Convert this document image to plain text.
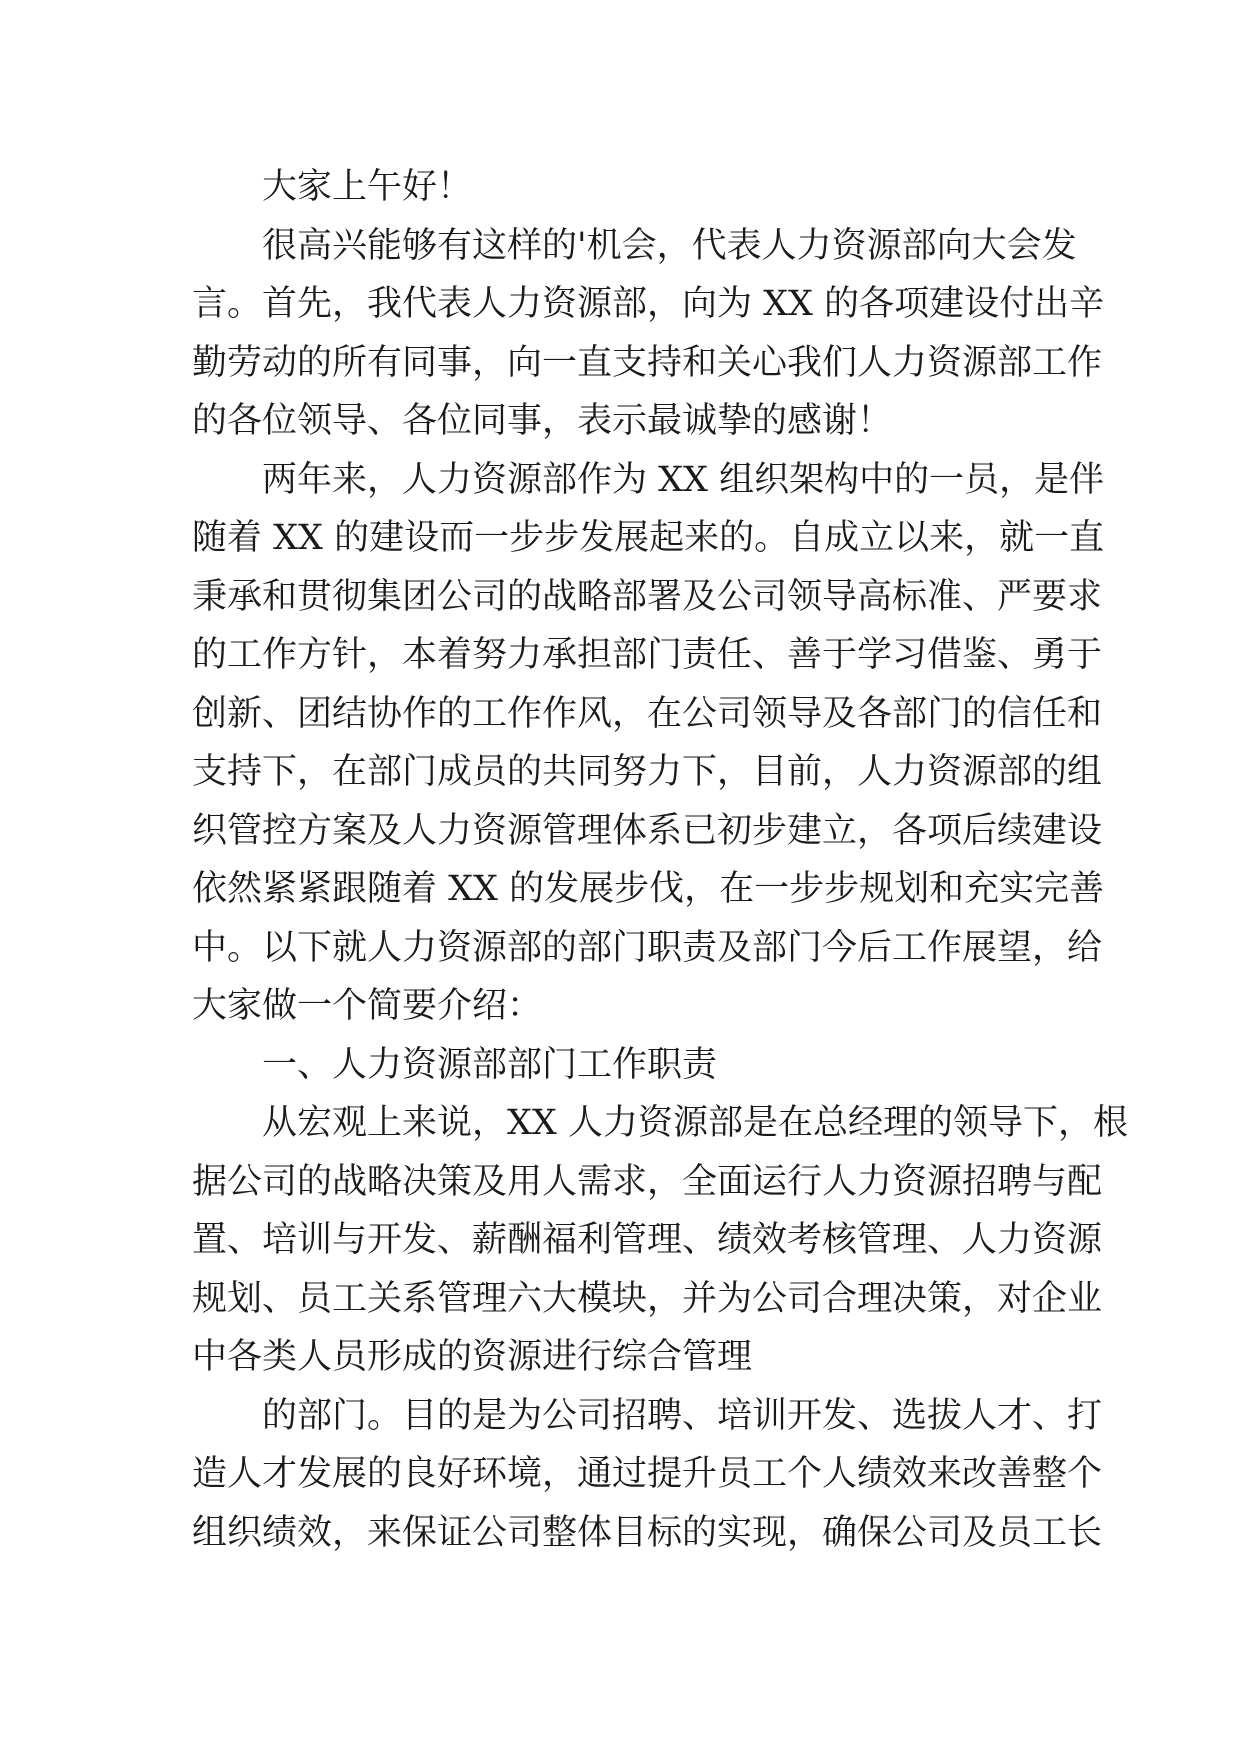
大家上午好！
很高兴能够有这样的'机会，代表人力资源部向大会发
言。首先，我代表人力资源部，向为 XX 的各项建设付出辛
勤劳动的所有同事，向一直支持和关心我们人力资源部工作
的各位领导、各位同事，表示最诚挚的感谢！
两年来，人力资源部作为 XX 组织架构中的一员，是伴
随着 XX 的建设而一步步发展起来的。自成立以来，就一直
秉承和贯彻集团公司的战略部署及公司领导高标准、严要求
的工作方针，本着努力承担部门责任、善于学习借鉴、勇于
创新、团结协作的工作作风，在公司领导及各部门的信任和
支持下，在部门成员的共同努力下，目前，人力资源部的组
织管控方案及人力资源管理体系已初步建立，各项后续建设
依然紧紧跟随着 XX 的发展步伐，在一步步规划和充实完善
中。以下就人力资源部的部门职责及部门今后工作展望，给
大家做一个简要介绍：
一、人力资源部部门工作职责
从宏观上来说，XX 人力资源部是在总经理的领导下，根
据公司的战略决策及用人需求，全面运行人力资源招聘与配
置、培训与开发、薪酬福利管理、绩效考核管理、人力资源
规划、员工关系管理六大模块，并为公司合理决策，对企业
中各类人员形成的资源进行综合管理
的部门。目的是为公司招聘、培训开发、选拔人才、打
造人才发展的良好环境，通过提升员工个人绩效来改善整个
组织绩效，来保证公司整体目标的实现，确保公司及员工长
